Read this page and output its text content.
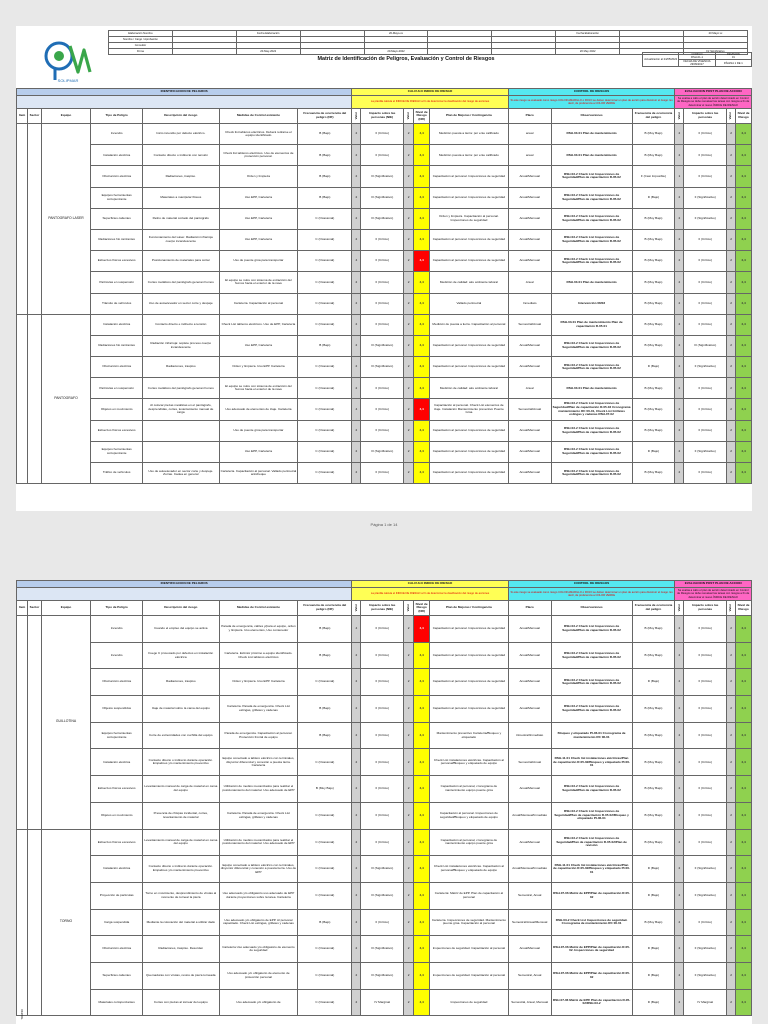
Elaboración Nombre		Fecha Elaboración		20-Mayo-xx			Fecha Elaboración		20 Mayo xx
Nombre / Cargo / Aprobación									
Consultor									
Firma		20-May-2022		20-Mayo-2022			20 May 2022		Fir Significativo
SOLIPMAR
Matriz de Identificación de Peligros, Evaluación y Control de Riesgos	Actualización al 24/05/2022	CODIGO
RSH-01-1	REVISION
01
	FECHA DE VIGENCIA
29/09/2017	PÁGINA 1 DE 1
IDENTIFICACION DE PELIGROS							CALCULO INDICE DE RIESGO					CONTROL DE RIESGOS			EVALUACION POST PLAN DE ACCION			
							La planilla calcula el INDICE DE RIESGO a fin de determinar la clasificación del riesgo de acciones					Si este riesgo se evaluado como riesgo COLOR AMARILLO o ROJO se deben determinar un plan de acción para disminuir el riesgo. Es decir, de preferencia a COLOR VERDE			Se evalúa a cabo el plan de acción determinado en Control de Riesgos se debe reevaluar las tareas con riesgos a fin de determinar el nuevo ÍNDICE DE RIESGO			
Item	Sector	Equipo	Tipo de Peligro	Descripción del riesgo	Medidas de Control existente	Frecuencia de ocurrencia del peligro (NF)	Valor	Impacto sobre las personas (NIE)	Valor	Nivel de Riesgo (NR)	Plan de Mejoras / Contingencia	Plazo	Observaciones	Frecuencia de ocurrencia del peligro	Valor	Impacto sobre las personas	Valor	Nivel de Riesgo
		PANTOGRAFO LASER	Incendio	Inicio incendio por defecto eléctrico.	Check list tableros eléctricos. Deberá retirarse el equipo identificado	B (Bajo)	2	II (Crítico)	2	4,4	Medición puesta a tierra: por ente calificado	anual	RSH-03-01 Plan de mantenimiento	B (Muy Bajo)	2	II (Crítico)	2	4,4
			Instalación eléctrica	Contacto directo o indirecto con tensión	Check list tableros eléctricos. Uso de elementos de protección personal.	B (Bajo)	2	II (Crítico)	2	4,4	Medición puesta a tierra: por ente calificado	anual	RSH-03-01 Plan de mantenimiento	B (Muy Bajo)	2	II (Crítico)	2	4,4
			Obstrucción eléctrica	Radiaciones, traspiso.	Orden y limpieza	B (Bajo)	2	III (Significativo)	2	4,4	Capacitación al personal. Inspecciones de seguridad	Anual/Mensual	RSH-03-2 Check List Inspecciones de Seguridad/Plan de capacitación R-05-02	F (Casi Imposible)	1	II (Crítico)	2	4,4
			Equipos herramientas cortopunzante	Materiales a manipular filosos	Uso EPP, Cartelería	B (Bajo)	2	III (Significativo)	2	4,4	Capacitación al personal. Inspecciones de seguridad	Anual/Mensual	RSH-03-2 Check List Inspecciones de Seguridad/Plan de capacitación R-05-02	D (Bajo)	2	II (Significativo)	2	4,4
			Superficies calientes	Retiro de material cortado del pantógrafo	Uso EPP, Cartelería	C (Ocasional)	2	III (Significativo)	2	4,4	Orden y limpieza. Capacitación al personal. Inspecciones de seguridad	Anual/Mensual	RSH-03-2 Check List Inspecciones de Seguridad/Plan de capacitación R-05-02	B (Muy Bajo)	2	II (Significativo)	2	4,4
			Radiaciones No ionizantes	Funcionamiento del Láser. Radiación infrarroja cuerpo incandescente	Uso EPP, Cartelería	C (Ocasional)	2	II (Crítico)	2	4,4	Capacitación al personal. Inspecciones de seguridad	Anual/Mensual	RSH-03-2 Check List Inspecciones de Seguridad/Plan de capacitación R-05-02	B (Muy Bajo)	2	II (Crítico)	2	4,4
			Esfuerzos físicos excesivos	Posicionamiento de materiales para cortar	Uso de puente grúa para transportar	C (Ocasional)	4	II (Crítico)	2	4,4	Capacitación al personal. Inspecciones de seguridad	Anual/Mensual	RSH-03-2 Check List Inspecciones de Seguridad/Plan de capacitación R-05-02	B (Muy Bajo)	2	II (Crítico)	2	4,4
			Partículas en suspensión	Cortes metálicos del pantógrafo generan humos	El equipo se nutre con sistema de extracción del humos hacia el exterior de la nave	C (Ocasional)	2	II (Crítico)	2	4,4	Medición de calidad: aire ambiente laboral	Anual	RSH-03-01 Plan de mantenimiento	B (Muy Bajo)	2	II (Crítico)	2	4,4
			Tránsito de vehículos	Uso de autoelevador en sector corte y despeje	Cartelería. Capacitación al personal	C (Ocasional)	2	II (Crítico)	2	4,4	Vallado perimetral	Inmediato	Intervención 08/03	B (Muy Bajo)	2	II (Crítico)	2	4,4
		PANTOGRAFO	Instalación eléctrica	Contacto directo e indirecto a tensión	Check List tableros eléctricos. Uso de EPP, Cartelería	C (Ocasional)	2	II (Crítico)	2	4,4	Medición de puesta a tierra. Capacitación al personal	Semestral/Anual	RSH-03-01 Plan de mantenimiento Plan de capacitación R-05-01	B (Muy Bajo)	2	II (Crítico)	2	4,4
			Radiaciones No ionizantes	Radiación infrarroja: soplete proceso cuerpo incandescente	Uso EPP, Cartelería	B (Bajo)	2	III (Significativo)	2	4,4	Capacitación al personal. Inspecciones de seguridad	Anual/Mensual	RSH-03-2 Check List Inspecciones de Seguridad/Plan de capacitación R-05-02	B (Muy Bajo)	2	III (Significativo)	2	4,4
			Obstrucción eléctrica	Radiaciones, traspiso	Orden y limpieza. Uso EPP. Cartelería	C (Ocasional)	2	III (Significativo)	2	4,4	Capacitación al personal. Inspecciones de seguridad	Anual/Mensual	RSH-03-2 Check List Inspecciones de Seguridad/Plan de capacitación R-05-02	D (Bajo)	2	II (Significativo)	2	4,4
			Partículas en suspensión	Cortes metálicos del pantógrafo generan humos	El equipo se nutre con sistema de extracción del humos hacia el exterior de la nave	C (Ocasional)	2	II (Crítico)	2	4,4	Medición de calidad: aire ambiente laboral	Anual	RSH-03-01 Plan de mantenimiento	B (Muy Bajo)	2	II (Crítico)	2	4,4
			Objetos en movimiento	Al colocar piezas metálicas en el pantógrafo, desprendidas, cortes, levantamiento manual de carga	Uso adecuado de elementos de izaje. Cartelería	C (Ocasional)	4	II (Crítico)	2	4,4	Capacitación al personal. Check List elementos de izaje. Instalación Mantenimiento preventivo Puente Grúa	Semestral/Anual	RSH-03-2 Check List Inspecciones de Seguridad/Plan de capacitación R-05-02 Cronograma mantenimiento RC 06-01, Check List Grilletes eslingas y cadenas RSH-07-02	B (Muy Bajo)	2	II (Crítico)	2	4,4
			Esfuerzos físicos excesivos		Uso de puente grúa para transportar	C (Ocasional)	2	II (Crítico)	2	4,4	Capacitación al personal. Inspecciones de seguridad	Anual/Mensual	RSH-03-2 Check List Inspecciones de Seguridad/Plan de capacitación R-05-02	B (Muy Bajo)	2	II (Crítico)	2	4,4
			Equipos herramientas cortopunzante		Uso EPP, Cartelería	C (Ocasional)	2	III (Significativo)	2	4,4	Capacitación al personal. Inspecciones de seguridad	Anual/Mensual	RSH-03-2 Check List Inspecciones de Seguridad/Plan de capacitación R-05-02	D (Bajo)	2	II (Significativo)	2	4,4
			Tráfico de vehículos	Uso de autoelevador en sector corte y despeje. Zorras. Cadea en general	Cartelería. Capacitación al personal. Vallado perimetral anticheque	C (Ocasional)	2	II (Crítico)	2	4,4	Capacitación al personal. Inspecciones de seguridad	Anual/Mensual	RSH-03-2 Check List Inspecciones de Seguridad/Plan de capacitación R-05-02	B (Muy Bajo)	2	II (Crítico)	2	4,4
Página 1 de 14
IDENTIFICACION DE PELIGROS							CALCULO INDICE DE RIESGO					CONTROL DE RIESGOS			EVALUACION POST PLAN DE ACCION			
							La planilla calcula el INDICE DE RIESGO a fin de determinar la clasificación del riesgo de acciones					Si este riesgo se evaluado como riesgo COLOR AMARILLO o ROJO se deben determinar un plan de acción para disminuir el riesgo. Es decir, de preferencia a COLOR VERDE			Se evalúa a cabo el plan de acción determinado en Control de Riesgos se debe reevaluar las tareas con riesgos a fin de determinar el nuevo ÍNDICE DE RIESGO			
Item	Sector	Equipo	Tipo de Peligro	Descripción del riesgo	Medidas de Control existente	Frecuencia de ocurrencia del peligro (NF)	Valor	Impacto sobre las personas (NIE)	Valor	Nivel de Riesgo (NR)	Plan de Mejoras / Contingencia	Plazo	Observaciones	Frecuencia de ocurrencia del peligro	Valor	Impacto sobre las personas	Valor	Nivel de Riesgo
		GUILLOTINA	Incendio	Cuando el empleo del equipo se activa	Parada de emergencia, cables y/para el equipo, orden y limpieza. Uso elementos, Uso contenedor	B (Bajo)	4	II (Crítico)	2	4,4	Capacitación al personal. Inspecciones de seguridad	Anual/Mensual	RSH-03-2 Check List Inspecciones de Seguridad/Plan de capacitación R-05-02	B (Muy Bajo)	2	II (Crítico)	2	4,4
			Incendio	Fuego C provocado por defectos en instalación eléctrica	Cartelería. Extintor próximo a equipo identificado. Check List tableros eléctricos	B (Bajo)	2	II (Crítico)	2	4,4	Capacitación al personal. Inspecciones de seguridad	Anual/Mensual	RSH-03-2 Check List Inspecciones de Seguridad/Plan de capacitación R-05-02	B (Muy Bajo)	2	II (Crítico)	2	4,4
			Obstrucción eléctrica	Radiaciones, traspiso	Orden y limpieza. Uso EPP. Cartelería	C (Ocasional)	2	II (Crítico)	2	4,4	Capacitación al personal. Inspecciones de seguridad	Anual/Mensual	RSH-03-2 Check List Inspecciones de Seguridad/Plan de capacitación R-05-02	D (Bajo)	2	II (Crítico)	2	4,4
			Objetos suspendidos	Izaje de material sobre la cama del equipo	Cartelería. Parada de emergencia. Check List eslingas, grilletes y cadenas	B (Bajo)	2	II (Crítico)	2	4,4	Capacitación al personal. Inspecciones de seguridad	Anual/Mensual	RSH-03-2 Check List Inspecciones de Seguridad/Plan de capacitación R-05-02	B (Muy Bajo)	2	II (Crítico)	2	4,4
			Equipos herramientas cortopunzante	Corte de extremidades con cuchilla del equipo	Parada de emergencia. Capacitación al personal. Protección frontal de equipo	B (Bajo)	2	II (Crítico)	2	4,4	Mantenimiento preventivo Cartelería/Bloqueo y etiquetado	trimestral/Inmediato	Bloqueo y etiquetado PI-06-01 Cronograma de mantenimiento RC 06-01	B (Muy Bajo)	2	II (Crítico)	2	4,4
			Instalación eléctrica	Contacto directo o indirecto durante operación. Empalmes y/o mantenimiento preventivo	Equipo conectado a tablero eléctrico con terminales, disyuntor diferencial y conexión a puesta tierra. Cartelería	C (Ocasional)	2	II (Crítico)	2	4,4	Check List instalaciones eléctricas. Capacitación al personal/Bloqueo y etiquetado de equipo	Semestral/Anual	RSH-11-01 Check list instalaciones eléctricas/Plan de capacitación R-05-02/Bloqueo y etiquetado PI-06-01	B (Muy Bajo)	2	II (Crítico)	2	4,4
			Esfuerzos físicos excesivos	Levantamiento manual de carga de material en cama del equipo	Utilización de medios mecanizados para realizar el posicionamiento del material. Uso adecuado de EPP	B (Muy Bajo)	2	II (Crítico)	2	4,4	Capacitación al personal, cronograma de mantenimiento equipo puente grúa	Anual/Mensual	RSH-03-2 Check List Inspecciones de Seguridad/Plan de capacitación R-05-02	B (Muy Bajo)	2	II (Crítico)	2	4,4
			Objetos en movimiento	Presencia de chispas incidental, cortes, levantamiento de material	Cartelería. Parada de emergencia. Check List eslingas, grilletes y cadenas	C (Ocasional)	2	II (Crítico)	2	4,4	Capacitación al personal. Inspecciones de seguridad/Bloqueo y etiquetado de equipo	Anual/Mensual/Inmediato	RSH-03-2 Check List Inspecciones de Seguridad/Plan de capacitación R-05-02/Bloqueo y etiquetado PI-06-01	B (Muy Bajo)	2	II (Crítico)	2	4,4
		TORNO	Esfuerzos físicos excesivos	Levantamiento manual de carga de material en cama del equipo	Utilización de medios mecanizados para realizar el posicionamiento del material. Uso adecuado de EPP	C (Ocasional)	2	II (Crítico)	2	4,4	Capacitación al personal, cronograma de mantenimiento equipo puente grúa	Anual/Mensual	RSH-03-2 Check List Inspecciones de Seguridad/Plan de capacitación R-05-02/Plan de revisión	B (Muy Bajo)	2	II (Crítico)	2	4,4
			Instalación eléctrica	Contacto directo o indirecto durante operación. Empalmes y/o mantenimiento preventivo	Equipo conectado a tablero eléctrico con terminales, disyuntor diferencial y conexión a puesta tierra. Uso de EPP	C (Ocasional)	2	III (Significativo)	2	4,4	Check List instalaciones eléctricas. Capacitación al personal/Bloqueo y etiquetado de equipo	Anual/Mensual/Inmediato	RSH-11-01 Check list instalaciones eléctricas/Plan de capacitación R-05-02/Bloqueo y etiquetado PI-06-01	D (Bajo)	2	II (Significativo)	2	4,4
			Proyección de partículas	Torno en movimiento, desprendimiento de virutas al momento de tornear la pieza	Uso adecuado y/o obligatorio uso adecuado de EPP durante proyecciones sobre la tarea. Cartelería	C (Ocasional)	2	III (Significativo)	2	4,4	Cartelería: Matriz de EPP. Plan de capacitación al personal	Semestral, Anual	RSH-07-06 Matriz de EPP/Plan de capacitación R-05-02	D (Bajo)	2	II (Significativo)	2	4,4
			Carga suspendida	Mediante la colocación del material a utilizar dado	Uso adecuado y/o obligatorio de EPP. Al personal capacitado. Check List eslingas, grilletes y cadenas	B (Bajo)	2	II (Crítico)	2	4,4	Cartelería. Inspecciones de seguridad. Mantenimiento puente grúa. Capacitación al personal	Semestral/Anual/Mensual	RSH-03-2 Check List Inspecciones de seguridad. Cronograma de mantenimiento RC 06-01	B (Muy Bajo)	2	II (Crítico)	2	4,4
			Obstrucción eléctrica	Radiaciones, traspiso. Desorden	Cartelería Uso adecuado y/o obligatorio de elemento de seguridad	C (Ocasional)	2	III (Significativo)	2	4,4	Inspecciones de seguridad. Capacitación al personal	Anual/Mensual	RSH-07-06 Matriz de EPP/Plan de capacitación R-05-02. Inspecciones de seguridad	D (Bajo)	2	II (Significativo)	2	4,4
			Superficies calientes	Quemaduras con virutas, restos de pieza torneada	Uso adecuado y/o obligatorio de elemento de protección personal	C (Ocasional)	2	III (Significativo)	2	4,4	Inspecciones de seguridad. Capacitación al personal	Semestral, Anual	RSH-07-06 Matriz de EPP/Plan de capacitación R-05-02	D (Bajo)	2	II (Significativo)	2	4,4
			Materiales cortopunzantes	Cortes con piezas al tornear del equipo	Uso adecuado y/o obligatorio de	C (Ocasional)	2	IV Marginal	2	4,4	Inspecciones de seguridad	Semestral, Anual, Mensual	RSH-07-06 Matriz de EPP. Plan de capacitación R-05-02/RSH-03-2	D (Bajo)	2	IV Marginal	2	4,4
TORNO
